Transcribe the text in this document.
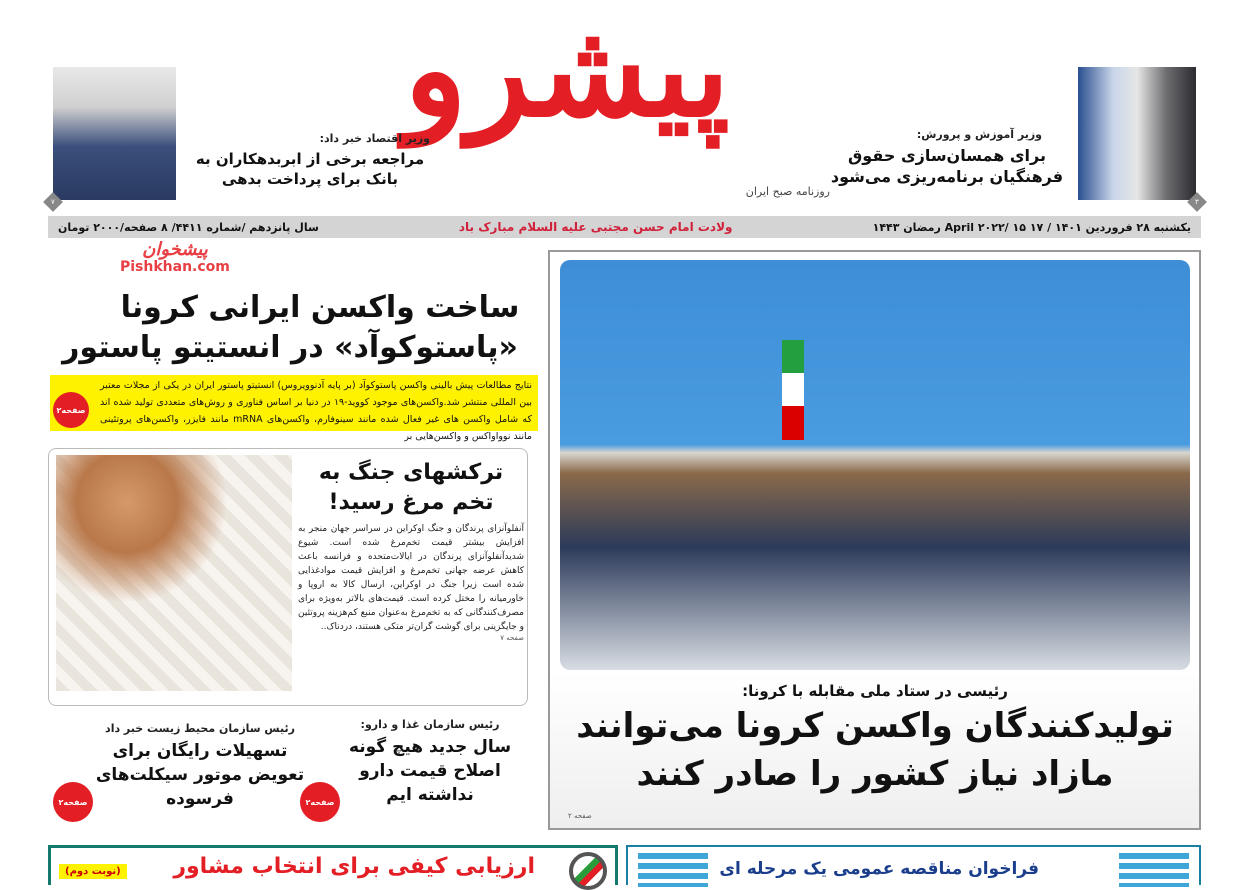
پیشرو
روزنامه صبح ایران
۳
وزیر آموزش و پرورش:
برای همسان‌سازی حقوق
فرهنگیان برنامه‌ریزی می‌شود
۷
وزیر اقتصاد خبر داد:
مراجعه برخی از ابربدهکاران به
بانک برای پرداخت بدهی
یکشنبه ۲۸ فروردین ۱۴۰۱ / ۱۷ April ۲۰۲۲/ ۱۵ رمضان ۱۴۴۳
ولادت امام حسن مجتبی علیه السلام مبارک باد
سال پانزدهم /شماره ۴۴۱۱/ ۸ صفحه/۲۰۰۰ تومان
پیشخوان
Pishkhan.com
ساخت واکسن ایرانی کرونا
«پاستوکوآد» در انستیتو پاستور
نتایج مطالعات پیش بالینی واکسن پاستوکوآد (بر پایه آدنوویروس) انستیتو پاستور ایران در یکی از مجلات معتبر بین المللی منتشر شد.واکسن‌های موجود کووید-۱۹ در دنیا بر اساس فناوری و روش‌های متعددی تولید شده اند که شامل واکسن های غیر فعال شده مانند سینوفارم، واکسن‌های mRNA مانند فایزر، واکسن‌های پروتئینی مانند نوواواکس و واکسن‌هایی بر
صفحه۲
ترکشهای جنگ به
تخم مرغ رسید!
آنفلوآنزای پرندگان و جنگ اوکراین در سراسر جهان منجر به افزایش بیشتر قیمت تخم‌مرغ شده است. شیوع شدیدآنفلوآنزای پرندگان در ایالات‌متحده و فرانسه باعث کاهش عرضه جهانی تخم‌مرغ و افزایش قیمت موادغذایی شده است زیرا جنگ در اوکراین، ارسال کالا به اروپا و خاورمیانه را مختل کرده است. قیمت‌های بالاتر به‌ویژه برای مصرف‌کنندگانی که به تخم‌مرغ به‌عنوان منبع کم‌هزینه پروتئین و جایگزینی برای گوشت گران‌تر متکی هستند، دردناک..
صفحه ۷
رئیس سازمان غذا و دارو:
سال جدید هیچ گونه
اصلاح قیمت دارو
نداشته ایم
صفحه۲
رئیس سازمان محیط زیست خبر داد
تسهیلات رایگان برای
تعویض موتور سیکلت‌های
فرسوده
صفحه۲
رئیسی در ستاد ملی مقابله با کرونا:
تولیدکنندگان واکسن کرونا می‌توانند
مازاد نیاز کشور را صادر کنند
صفحه ۲
ارزیابی کیفی برای انتخاب مشاور
(نوبت دوم)	فراخوان مناقصه عمومی یک مرحله ای
